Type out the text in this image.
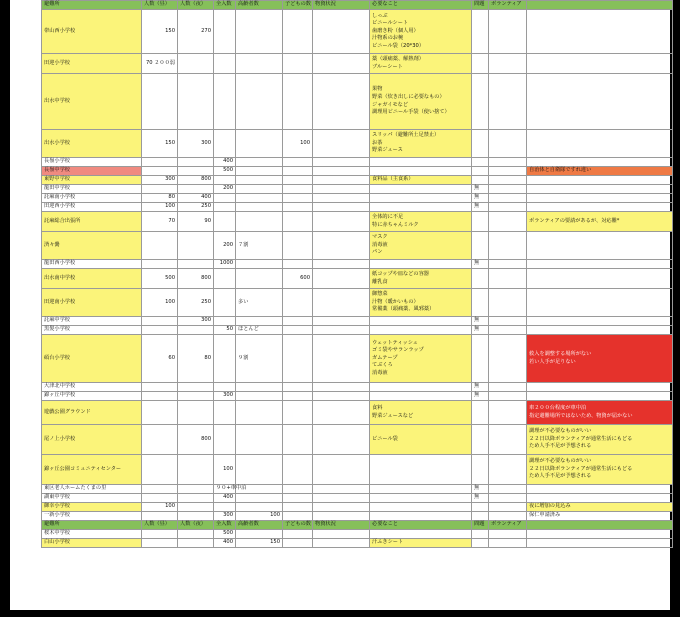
避難所	人数（昼）	人数（夜）	全入数	高齢者数	子どもの数	物資状況	必要なこと	問題	ボランティア	
帯山西小学校	150	270					しっぷ
ビニールシート
歯磨き粉（個人用）
汁物系のお椀
ビニール袋（20*30）			
田迎小学校	70 ２００弱						薬（頭痛薬、解熱剤）
ブルーシート			
出水中学校							果物
野菜（炊き出しに必要なもの）
ジャガイモなど
調理用ビニール手袋（使い捨て）			
出水小学校	150	300			100		スリッパ（避難所土足禁止）
お茶
野菜ジュース			
長嶺小学校			400							
長嶺中学校			500							自治体と自衛隊ですれ違い
東野中学校	300	800					食料品（主食系）			
龍田中学校			200					無		
託麻南小学校	80	400						無		
田迎西小学校	100	250						無		
託麻総合出張所	70	90					全体的に不足
特に赤ちゃんミルク			ボランティアの要請があるが、対応難*
済々黌			200	７割			マスク
消毒液
パン			
龍田西小学校			1000					無		
出水南中学校	500	800			600		紙コップや皿などの容器
離乳食			
田迎南小学校	100	250		多い			御惣菜
汁物（暖かいもの）
常備薬（頭痛薬、風邪薬）			
託麻中学校		300						無		
黒髪小学校			50	ほとんど				無		
碩台小学校	60	80		９割			ウェットティッシュ
ゴミ袋やサランラップ
ガムテープ
てぶくろ
消毒液			救入を調整する場所がない
若い人手が足りない
大津北中学校								無		
錦ヶ丘中学校			300					無		
遊戯公園グラウンド							食料
野菜ジュースなど			車２００台程度が車中泊
指定避難場所ではないため、物資が届かない
尾ノ上小学校		800					ビニール袋			調理が不必要なものがいい
２２日以降ボランティアが通常生活にもどる
ため人手不足が予想される
錦ヶ丘公園コミュニティセンター			100							調理が不必要なものがいい
２２日以降ボランティアが通常生活にもどる
ため人手不足が予想される
東区老人ホームたくまの里			９０+車中泊					無		
湖東中学校			400					無		
御幸小学校	100									夜に増加の見込み
一新小学校			300	100						保仁申請済み
避難所	人数（昼）	人数（夜）	全入数	高齢者数	子どもの数	物資状況	必要なこと	問題	ボランティア	
桜木中学校			500							
白山小学校			400	150			汗ふきシート			
